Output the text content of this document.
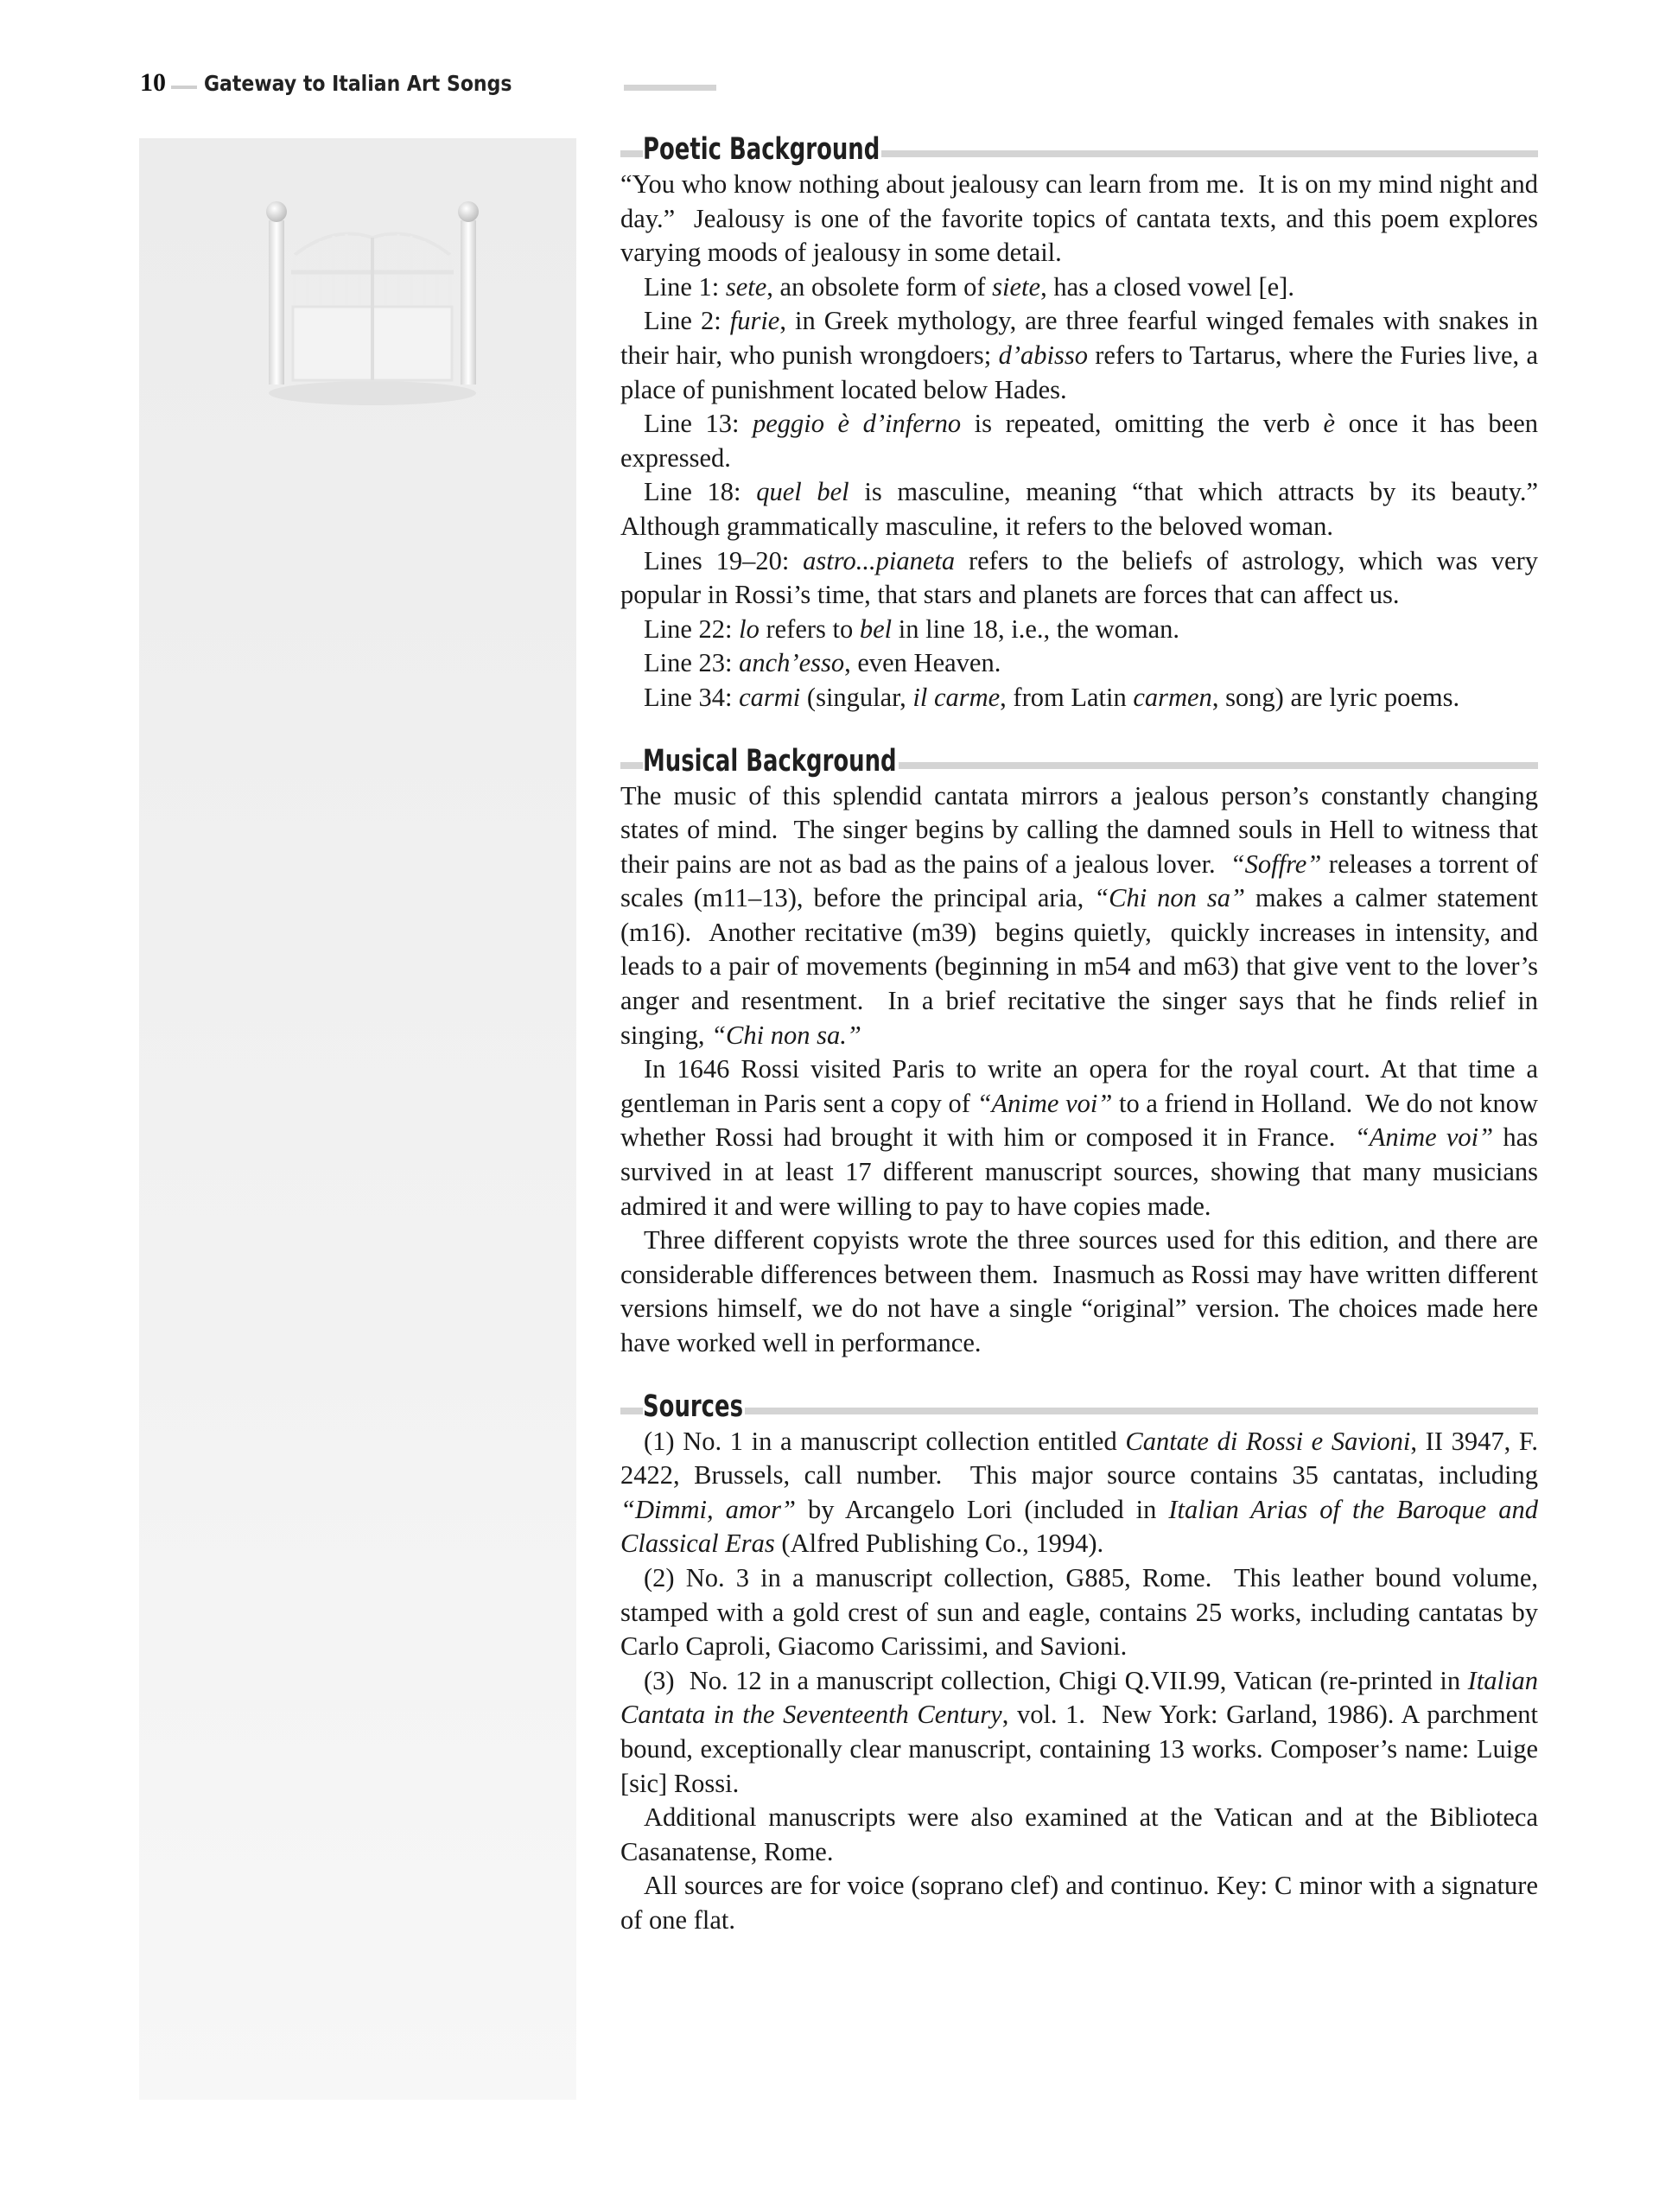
10 Gateway to Italian Art Songs
Poetic Background

“You who know nothing about jealousy can learn from me.  It is on my mind night and day.”  Jealousy is one of the favorite topics of cantata texts, and this poem explores varying moods of jealousy in some detail.

Line 1: sete, an obsolete form of siete, has a closed vowel [e].

Line 2: furie, in Greek mythology, are three fearful winged females with snakes in their hair, who punish wrongdoers; d’abisso refers to Tartarus, where the Furies live, a place of punishment located below Hades.

Line 13: peggio è d’inferno is repeated, omitting the verb è once it has been expressed.

Line 18: quel bel is masculine, meaning “that which attracts by its beauty.” Although grammatically masculine, it refers to the beloved woman.

Lines 19–20: astro...pianeta refers to the beliefs of astrology, which was very popular in Rossi’s time, that stars and planets are forces that can affect us.

Line 22: lo refers to bel in line 18, i.e., the woman.

Line 23: anch’esso, even Heaven.

Line 34: carmi (singular, il carme, from Latin carmen, song) are lyric poems.

Musical Background

The music of this splendid cantata mirrors a jealous person’s constantly changing states of mind.  The singer begins by calling the damned souls in Hell to witness that their pains are not as bad as the pains of a jealous lover.  “Soffre” releases a torrent of scales (m11–13), before the principal aria, “Chi non sa” makes a calmer statement (m16).  Another recitative (m39)  begins quietly,  quickly increases in intensity, and leads to a pair of movements (beginning in m54 and m63) that give vent to the lover’s anger and resentment.  In a brief recitative the singer says that he finds relief in singing, “Chi non sa.”

In 1646 Rossi visited Paris to write an opera for the royal court. At that time a gentleman in Paris sent a copy of “Anime voi” to a friend in Holland.  We do not know whether Rossi had brought it with him or composed it in France.  “Anime voi” has survived in at least 17 different manuscript sources, showing that many musicians admired it and were willing to pay to have copies made.

Three different copyists wrote the three sources used for this edition, and there are considerable differences between them.  Inasmuch as Rossi may have written different versions himself, we do not have a single “original” version. The choices made here have worked well in performance.

Sources

(1) No. 1 in a manuscript collection entitled Cantate di Rossi e Savioni, II 3947, F. 2422, Brussels, call number.  This major source contains 35 cantatas, including “Dimmi, amor” by Arcangelo Lori (included in Italian Arias of the Baroque and Classical Eras (Alfred Publishing Co., 1994).

(2) No. 3 in a manuscript collection, G885, Rome.  This leather bound volume, stamped with a gold crest of sun and eagle, contains 25 works, including cantatas by Carlo Caproli, Giacomo Carissimi, and Savioni.

(3)  No. 12 in a manuscript collection, Chigi Q.VII.99, Vatican (re-printed in Italian Cantata in the Seventeenth Century, vol. 1.  New York: Garland, 1986). A parchment bound, exceptionally clear manuscript, containing 13 works. Composer’s name: Luige [sic] Rossi.

Additional manuscripts were also examined at the Vatican and at the Biblioteca Casanatense, Rome.

All sources are for voice (soprano clef) and continuo. Key: C minor with a signature of one flat.
